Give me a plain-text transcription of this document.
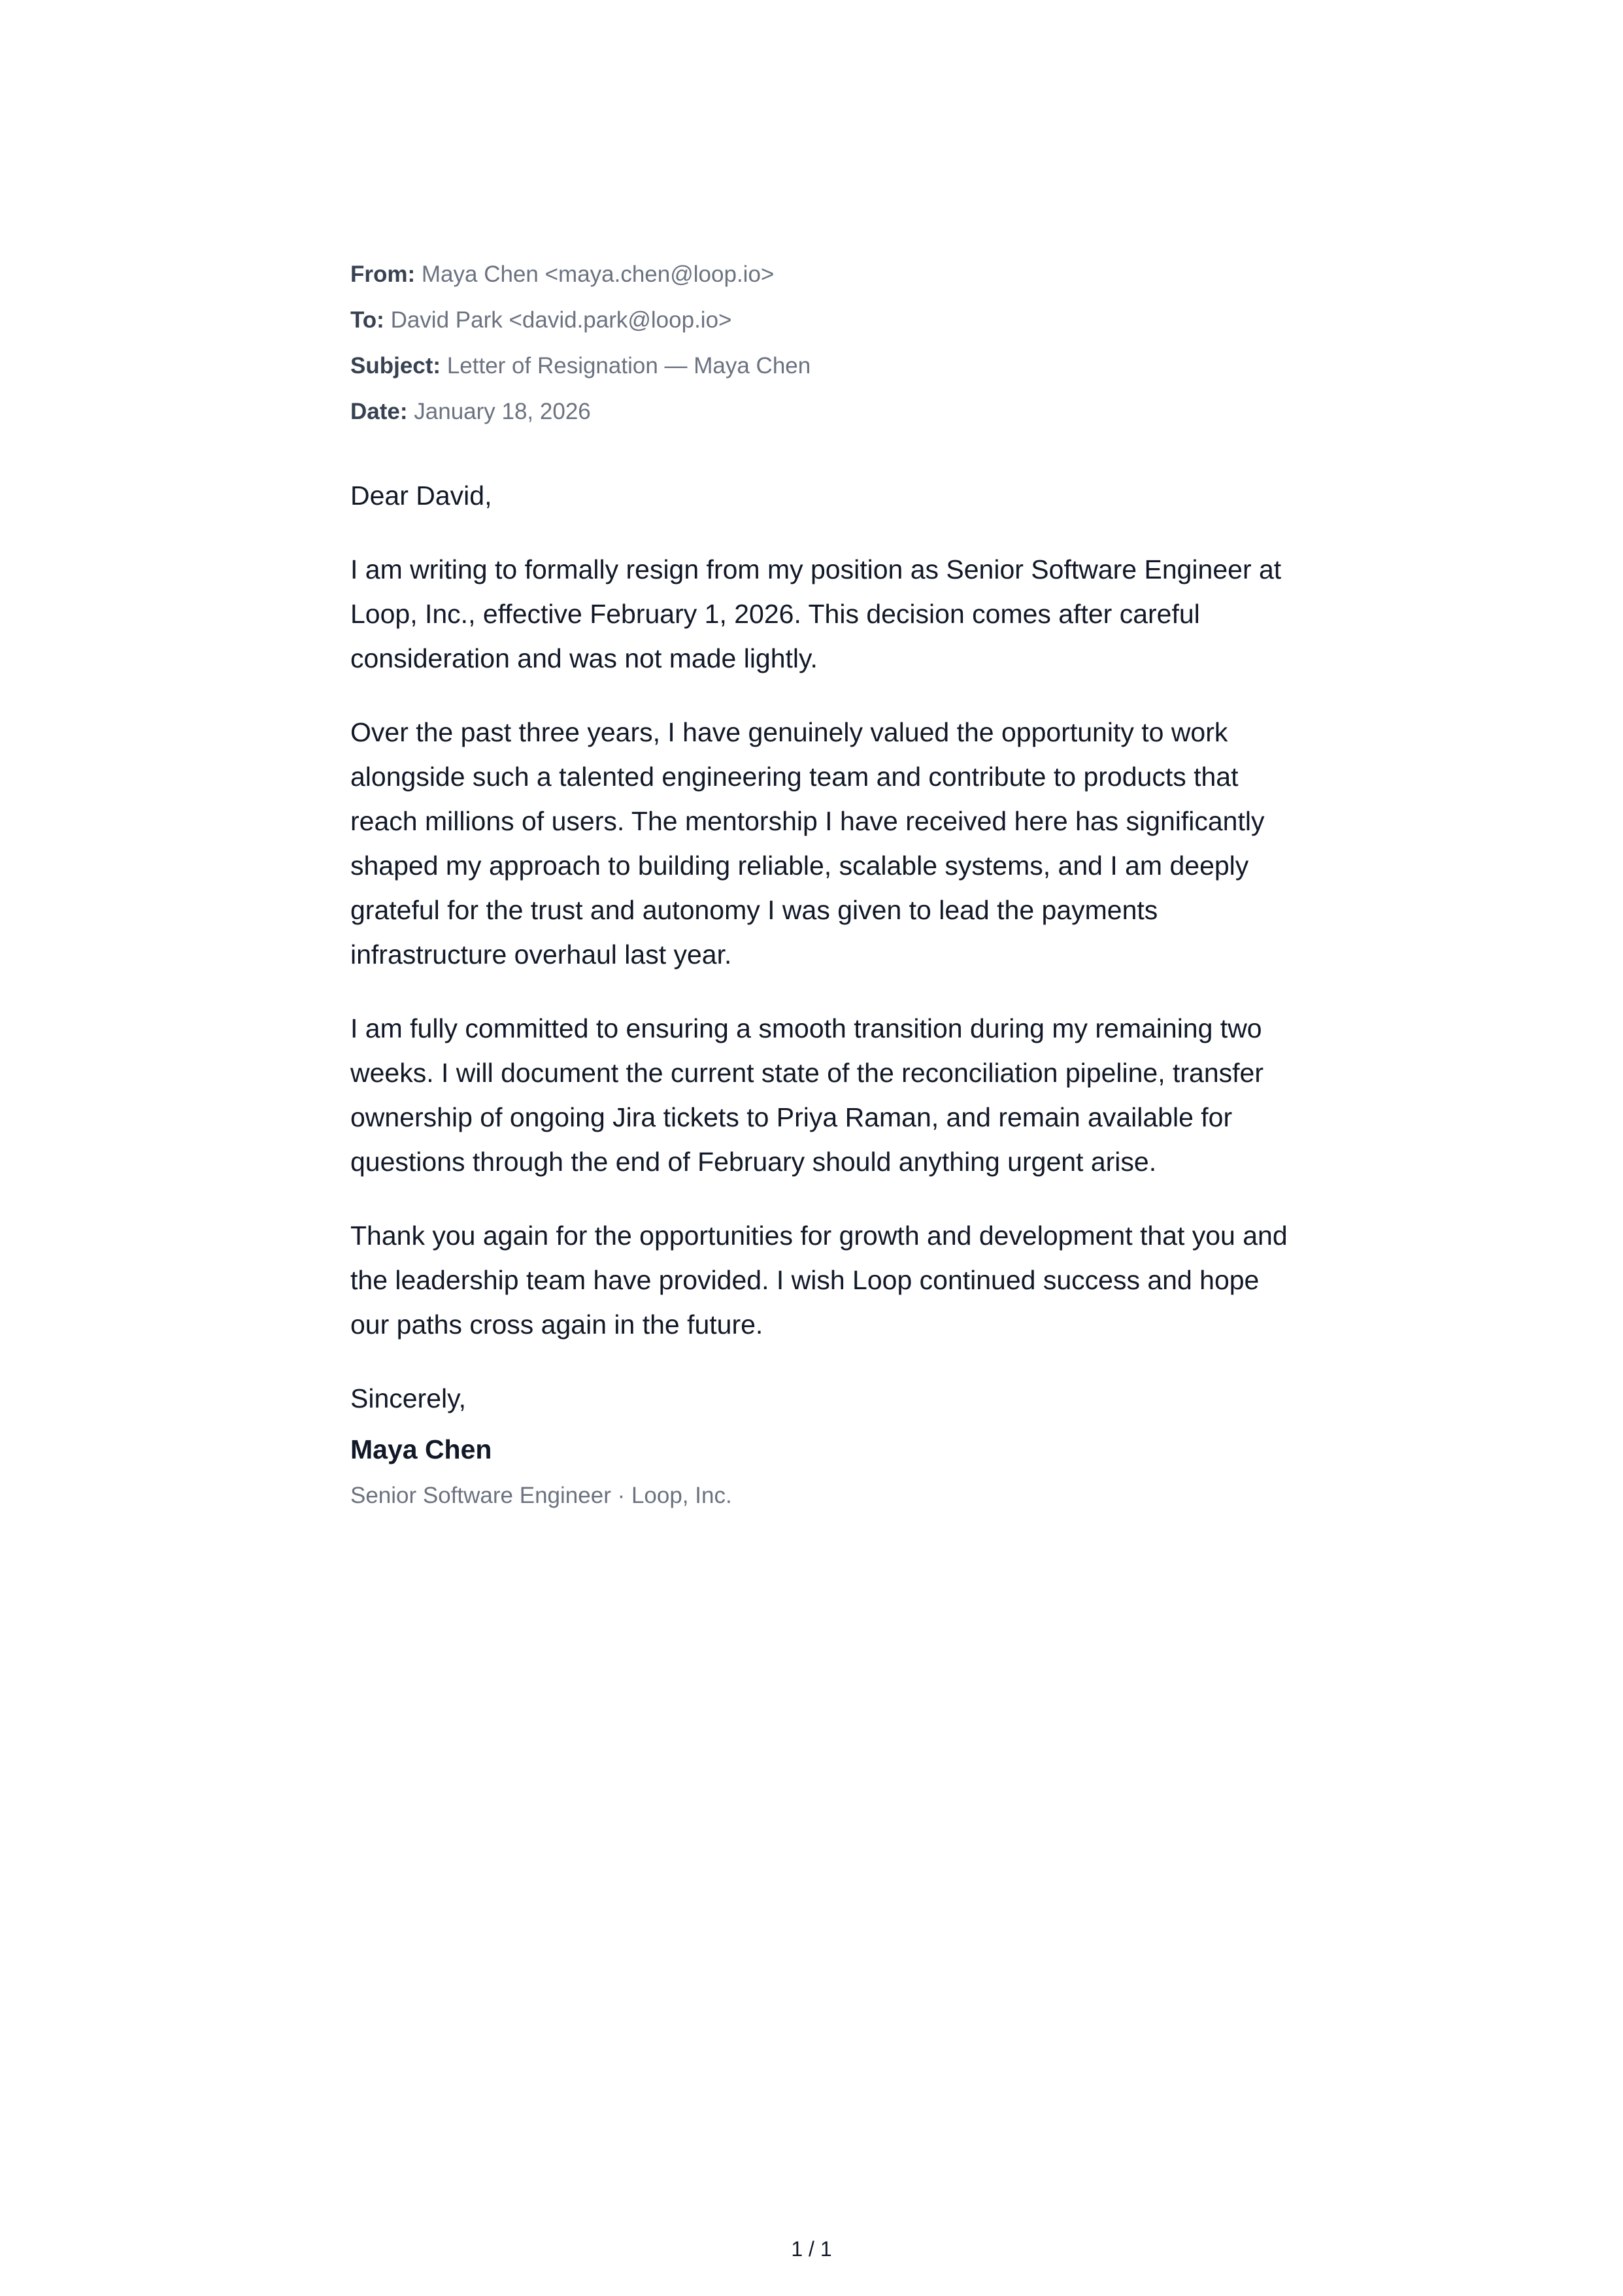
From: Maya Chen <maya.chen@loop.io>
To: David Park <david.park@loop.io>
Subject: Letter of Resignation — Maya Chen
Date: January 18, 2026

Dear David,

I am writing to formally resign from my position as Senior Software Engineer at Loop, Inc., effective February 1, 2026. This decision comes after careful consideration and was not made lightly.

Over the past three years, I have genuinely valued the opportunity to work alongside such a talented engineering team and contribute to products that reach millions of users. The mentorship I have received here has significantly shaped my approach to building reliable, scalable systems, and I am deeply grateful for the trust and autonomy I was given to lead the payments infrastructure overhaul last year.

I am fully committed to ensuring a smooth transition during my remaining two weeks. I will document the current state of the reconciliation pipeline, transfer ownership of ongoing Jira tickets to Priya Raman, and remain available for questions through the end of February should anything urgent arise.

Thank you again for the opportunities for growth and development that you and the leadership team have provided. I wish Loop continued success and hope our paths cross again in the future.

Sincerely,

Maya Chen

Senior Software Engineer · Loop, Inc.

1 / 1
